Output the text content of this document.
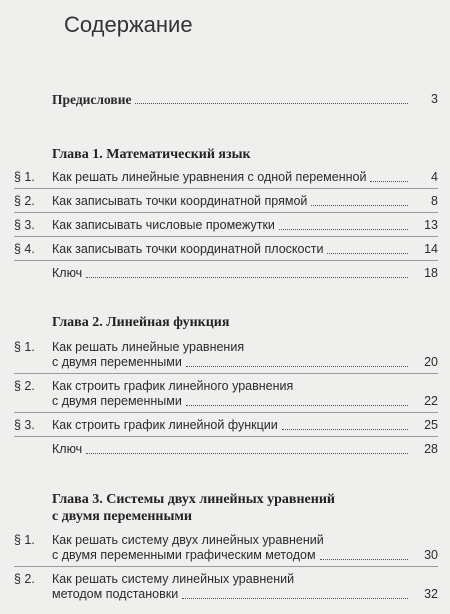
Содержание
Предисловие	3
Глава 1. Математический язык
§ 1.	Как решать линейные уравнения с одной переменной	4
§ 2.	Как записывать точки координатной прямой	8
§ 3.	Как записывать числовые промежутки	13
§ 4.	Как записывать точки координатной плоскости	14
Ключ	18
Глава 2. Линейная функция
§ 1.	Как решать линейные уравнения
с двумя переменными	20
§ 2.	Как строить график линейного уравнения
с двумя переменными	22
§ 3.	Как строить график линейной функции	25
Ключ	28
Глава 3. Системы двух линейных уравнений
с двумя переменными
§ 1.	Как решать систему двух линейных уравнений
с двумя переменными графическим методом	30
§ 2.	Как решать систему линейных уравнений
методом подстановки	32
